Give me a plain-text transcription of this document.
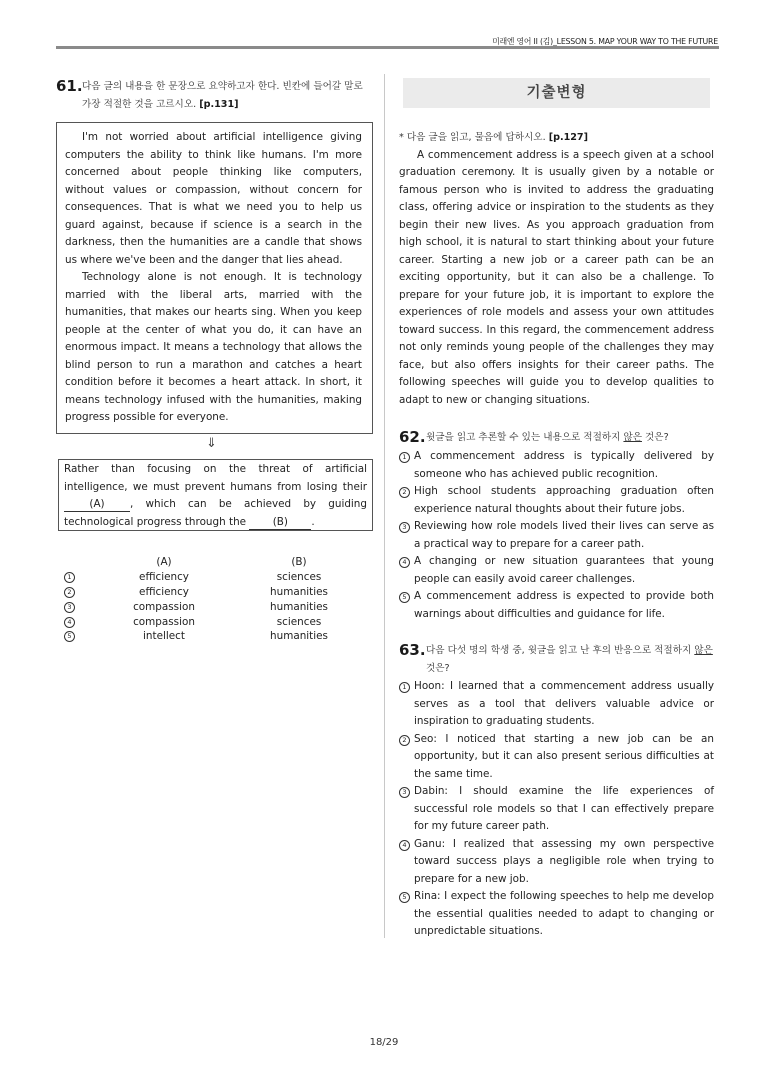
미래엔 영어 II (김)_LESSON 5. MAP YOUR WAY TO THE FUTURE
61. 다음 글의 내용을 한 문장으로 요약하고자 한다. 빈칸에 들어갈 말로 가장 적절한 것을 고르시오. [p.131]

I'm not worried about artificial intelligence giving computers the ability to think like humans. I'm more concerned about people thinking like computers, without values or compassion, without concern for consequences. That is what we need you to help us guard against, because if science is a search in the darkness, then the humanities are a candle that shows us where we've been and the danger that lies ahead.

Technology alone is not enough. It is technology married with the liberal arts, married with the humanities, that makes our hearts sing. When you keep people at the center of what you do, it can have an enormous impact. It means a technology that allows the blind person to run a marathon and catches a heart condition before it becomes a heart attack. In short, it means technology infused with the humanities, making progress possible for everyone.

⇓

Rather than focusing on the threat of artificial intelligence, we must prevent humans from losing their (A) , which can be achieved by guiding technological progress through the	(B) .

	(A)	(B)
1	efficiency	sciences
2	efficiency	humanities
3	compassion	humanities
4	compassion	sciences
5	intellect	humanities
기출변형

* 다음 글을 읽고, 물음에 답하시오. [p.127]

A commencement address is a speech given at a school graduation ceremony. It is usually given by a notable or famous person who is invited to address the graduating class, offering advice or inspiration to the students as they begin their new lives. As you approach graduation from high school, it is natural to start thinking about your future career. Starting a new job or a career path can be an exciting opportunity, but it can also be a challenge. To prepare for your future job, it is important to explore the experiences of role models and assess your own attitudes toward success. In this regard, the commencement address not only reminds young people of the challenges they may face, but also offers insights for their career paths. The following speeches will guide you to develop qualities to adapt to new or changing situations.

62. 윗글을 읽고 추론할 수 있는 내용으로 적절하지 않은 것은?
1 A commencement address is typically delivered by someone who has achieved public recognition.

2 High school students approaching graduation often experience natural thoughts about their future jobs.

3 Reviewing how role models lived their lives can serve as a practical way to prepare for a career path.

4 A changing or new situation guarantees that young people can easily avoid career challenges.

5 A commencement address is expected to provide both warnings about difficulties and guidance for life.

63. 다음 다섯 명의 학생 중, 윗글을 읽고 난 후의 반응으로 적절하지 않은 것은?
1 Hoon: I learned that a commencement address usually serves as a tool that delivers valuable advice or inspiration to graduating students.

2 Seo: I noticed that starting a new job can be an opportunity, but it can also present serious difficulties at the same time.

3 Dabin: I should examine the life experiences of successful role models so that I can effectively prepare for my future career path.

4 Ganu: I realized that assessing my own perspective toward success plays a negligible role when trying to prepare for a new job.

5 Rina: I expect the following speeches to help me develop the essential qualities needed to adapt to changing or unpredictable situations.

18/29
